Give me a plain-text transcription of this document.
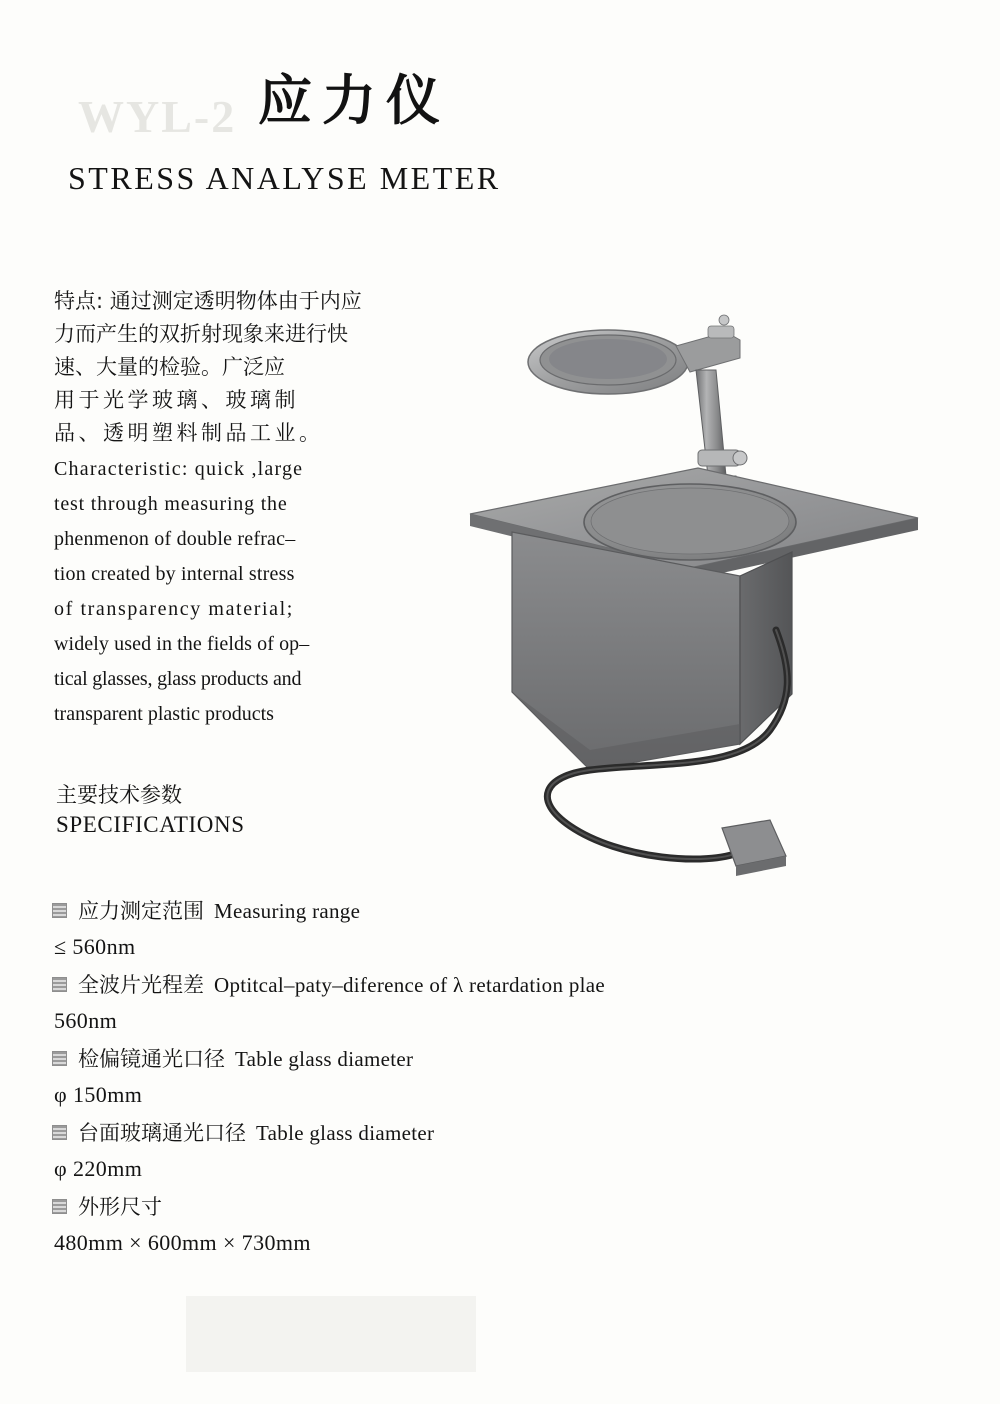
WYL-2 应力仪
STRESS ANALYSE METER
特点: 通过测定透明物体由于内应
力而产生的双折射现象来进行快
速、大量的检验。广泛应
用于光学玻璃、玻璃制
品、透明塑料制品工业。
Characteristic: quick ,large
test through measuring the
phenmenon of double refrac–
tion created by internal stress
of transparency material;
widely used in the fields of op–
tical glasses, glass products and
transparent plastic products
主要技术参数
SPECIFICATIONS
应力测定范围 Measuring range
≤ 560nm
全波片光程差 Optitcal–paty–diference of λ retardation plae
560nm
检偏镜通光口径 Table glass diameter
φ 150mm
台面玻璃通光口径 Table glass diameter
φ 220mm
外形尺寸
480mm × 600mm × 730mm
